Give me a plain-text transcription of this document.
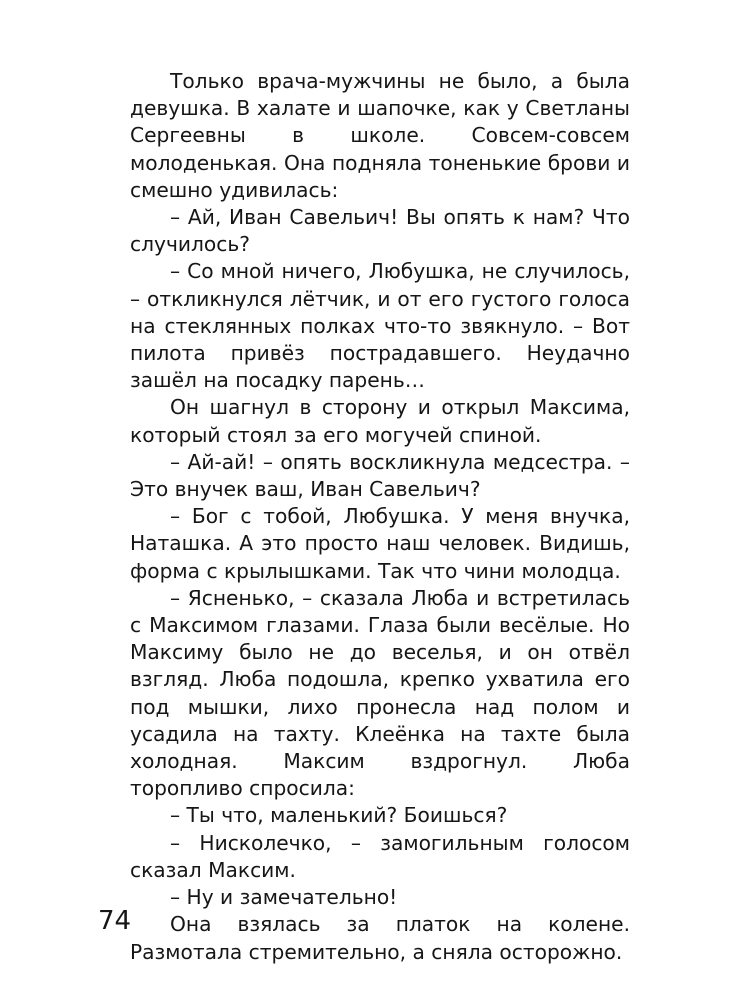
Только врача-мужчины не было, а была девушка. В халате и шапочке, как у Светланы Сергеевны в школе. Совсем-совсем молоденькая. Она подняла тоненькие брови и смешно удивилась:

– Ай, Иван Савельич! Вы опять к нам? Что случилось?

– Со мной ничего, Любушка, не случилось, – откликнулся лётчик, и от его густого голоса на стеклянных полках что-то звякнуло. – Вот пилота привёз пострадавшего. Неудачно зашёл на посадку парень…

Он шагнул в сторону и открыл Максима, который стоял за его могучей спиной.

– Ай-ай! – опять воскликнула медсестра. – Это внучек ваш, Иван Савельич?

– Бог с тобой, Любушка. У меня внучка, Наташка. А это просто наш человек. Видишь, форма с крылышками. Так что чини молодца.

– Ясненько, – сказала Люба и встретилась с Максимом глазами. Глаза были весёлые. Но Максиму было не до веселья, и он отвёл взгляд. Люба подошла, крепко ухватила его под мышки, лихо пронесла над полом и усадила на тахту. Клеёнка на тахте была холодная. Максим вздрогнул. Люба торопливо спросила:

– Ты что, маленький? Боишься?

– Нисколечко, – замогильным голосом сказал Максим.

– Ну и замечательно!

Она взялась за платок на колене. Размотала стремительно, а сняла осторожно.

74
